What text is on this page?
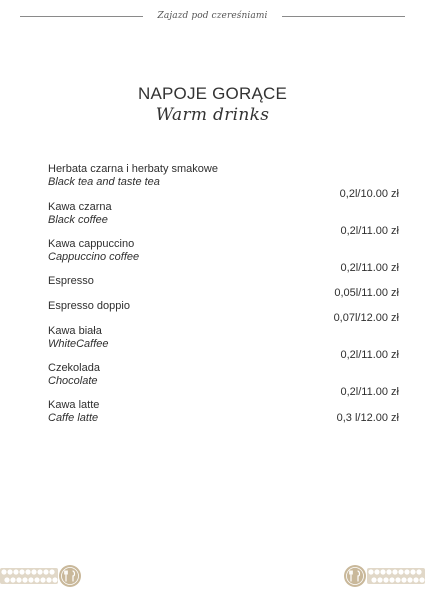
Zajazd pod czereśniami
NAPOJE GORĄCE
Warm drinks
Herbata czarna i herbaty smakowe
Black tea and taste tea
0,2l/10.00 zł
Kawa czarna
Black coffee
0,2l/11.00 zł
Kawa cappuccino
Cappuccino coffee
0,2l/11.00 zł
Espresso
0,05l/11.00 zł
Espresso doppio
0,07l/12.00 zł
Kawa biała
WhiteCaffee
0,2l/11.00 zł
Czekolada
Chocolate
0,2l/11.00 zł
Kawa latte
Caffe latte	0,3 l/12.00 zł
